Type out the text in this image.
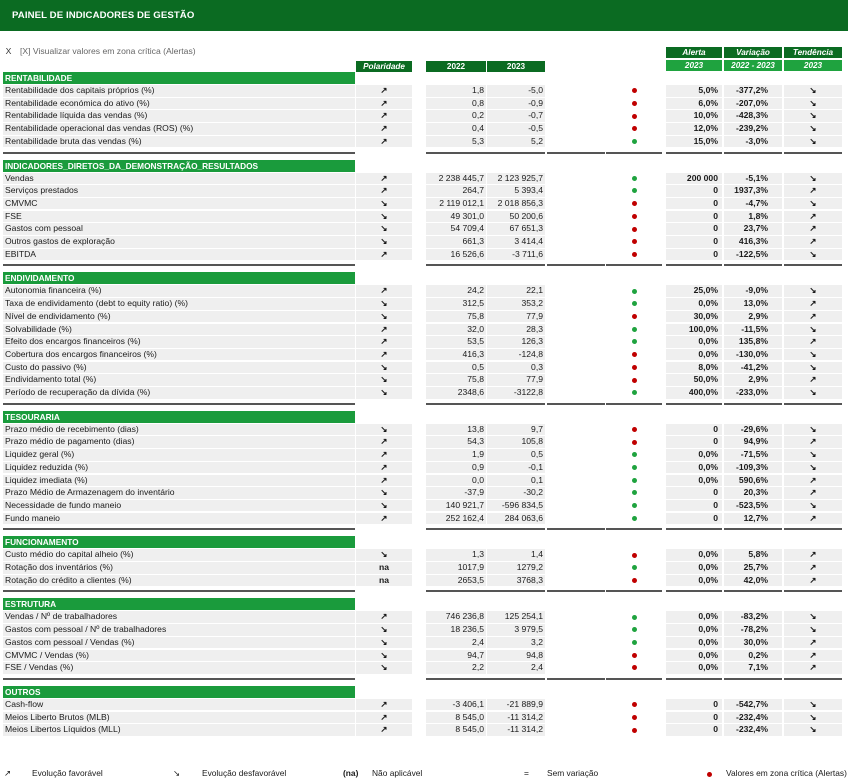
PAINEL DE INDICADORES DE GESTÃO
X	[X] Visualizar valores em zona crítica (Alertas)
Polaridade	2022	2023
Alerta
2023
Variação
2022 - 2023
Tendência
2023
RENTABILIDADE
Rentabilidade dos capitais próprios (%)	↗	1,8	-5,0	5,0%	-377,2%	↘
Rentabilidade económica do ativo (%)	↗	0,8	-0,9	6,0%	-207,0%	↘
Rentabilidade líquida das vendas (%)	↗	0,2	-0,7	10,0%	-428,3%	↘
Rentabilidade operacional das vendas (ROS) (%)	↗	0,4	-0,5	12,0%	-239,2%	↘
Rentabilidade bruta das vendas (%)	↗	5,3	5,2	15,0%	-3,0%	↘
INDICADORES_DIRETOS_DA_DEMONSTRAÇÃO_RESULTADOS
Vendas	↗	2 238 445,7	2 123 925,7	200 000	-5,1%	↘
Serviços prestados	↗	264,7	5 393,4	0	1937,3%	↗
CMVMC	↘	2 119 012,1	2 018 856,3	0	-4,7%	↘
FSE	↘	49 301,0	50 200,6	0	1,8%	↗
Gastos com pessoal	↘	54 709,4	67 651,3	0	23,7%	↗
Outros gastos de exploração	↘	661,3	3 414,4	0	416,3%	↗
EBITDA	↗	16 526,6	-3 711,6	0	-122,5%	↘
ENDIVIDAMENTO
Autonomia financeira (%)	↗	24,2	22,1	25,0%	-9,0%	↘
Taxa de endividamento (debt to equity ratio) (%)	↘	312,5	353,2	0,0%	13,0%	↗
Nível de endividamento (%)	↘	75,8	77,9	30,0%	2,9%	↗
Solvabilidade (%)	↗	32,0	28,3	100,0%	-11,5%	↘
Efeito dos encargos financeiros (%)	↗	53,5	126,3	0,0%	135,8%	↗
Cobertura dos encargos financeiros (%)	↗	416,3	-124,8	0,0%	-130,0%	↘
Custo do passivo (%)	↘	0,5	0,3	8,0%	-41,2%	↘
Endividamento total (%)	↘	75,8	77,9	50,0%	2,9%	↗
Período de recuperação da dívida (%)	↘	2348,6	-3122,8	400,0%	-233,0%	↘
TESOURARIA
Prazo médio de recebimento (dias)	↘	13,8	9,7	0	-29,6%	↘
Prazo médio de pagamento (dias)	↗	54,3	105,8	0	94,9%	↗
Liquidez geral (%)	↗	1,9	0,5	0,0%	-71,5%	↘
Liquidez reduzida (%)	↗	0,9	-0,1	0,0%	-109,3%	↘
Liquidez imediata (%)	↗	0,0	0,1	0,0%	590,6%	↗
Prazo Médio de Armazenagem do inventário	↘	-37,9	-30,2	0	20,3%	↗
Necessidade de fundo maneio	↘	140 921,7	-596 834,5	0	-523,5%	↘
Fundo maneio	↗	252 162,4	284 063,6	0	12,7%	↗
FUNCIONAMENTO
Custo médio do capital alheio (%)	↘	1,3	1,4	0,0%	5,8%	↗
Rotação dos inventários (%)	na	1017,9	1279,2	0,0%	25,7%	↗
Rotação do crédito a clientes (%)	na	2653,5	3768,3	0,0%	42,0%	↗
ESTRUTURA
Vendas / Nº de trabalhadores	↗	746 236,8	125 254,1	0,0%	-83,2%	↘
Gastos com pessoal / Nº de trabalhadores	↘	18 236,5	3 979,5	0,0%	-78,2%	↘
Gastos com pessoal / Vendas (%)	↘	2,4	3,2	0,0%	30,0%	↗
CMVMC / Vendas (%)	↘	94,7	94,8	0,0%	0,2%	↗
FSE / Vendas (%)	↘	2,2	2,4	0,0%	7,1%	↗
OUTROS
Cash-flow	↗	-3 406,1	-21 889,9	0	-542,7%	↘
Meios Liberto Brutos (MLB)	↗	8 545,0	-11 314,2	0	-232,4%	↘
Meios Libertos Líquidos (MLL)	↗	8 545,0	-11 314,2	0	-232,4%	↘
↗ Evolução favorável	↘	Evolução desfavorável	(na) Não aplicável	= Sem variação	Valores em zona crítica (Alertas)
